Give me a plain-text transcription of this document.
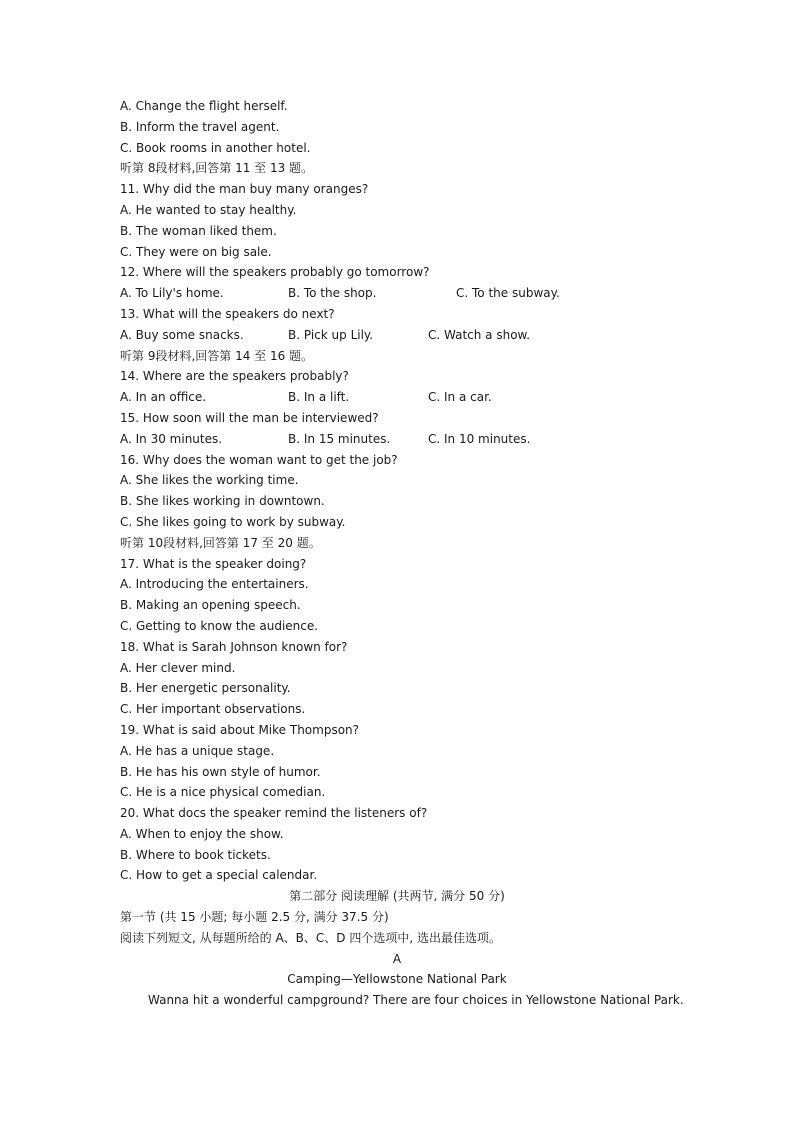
A. Change the flight herself.
B. Inform the travel agent.
C. Book rooms in another hotel.
听第 8段材料,回答第 11 至 13 题。
11. Why did the man buy many oranges?
A. He wanted to stay healthy.
B. The woman liked them.
C. They were on big sale.
12. Where will the speakers probably go tomorrow?
A. To Lily's home.	B. To the shop.	C. To the subway.
13. What will the speakers do next?
A. Buy some snacks.	B. Pick up Lily.	C. Watch a show.
听第 9段材料,回答第 14 至 16 题。
14. Where are the speakers probably?
A. In an office.	B. In a lift.	C. In a car.
15. How soon will the man be interviewed?
A. In 30 minutes.	B. In 15 minutes.	C. In 10 minutes.
16. Why does the woman want to get the job?
A. She likes the working time.
B. She likes working in downtown.
C. She likes going to work by subway.
听第 10段材料,回答第 17 至 20 题。
17. What is the speaker doing?
A. Introducing the entertainers.
B. Making an opening speech.
C. Getting to know the audience.
18. What is Sarah Johnson known for?
A. Her clever mind.
B. Her energetic personality.
C. Her important observations.
19. What is said about Mike Thompson?
A. He has a unique stage.
B. He has his own style of humor.
C. He is a nice physical comedian.
20. What docs the speaker remind the listeners of?
A. When to enjoy the show.
B. Where to book tickets.
C. How to get a special calendar.
第二部分 阅读理解 (共两节, 满分 50 分)
第一节 (共 15 小题; 每小题 2.5 分, 满分 37.5 分)
阅读下列短文, 从每题所给的 A、B、C、D 四个选项中, 选出最佳选项。
A
Camping—Yellowstone National Park
Wanna hit a wonderful campground? There are four choices in Yellowstone National Park.
